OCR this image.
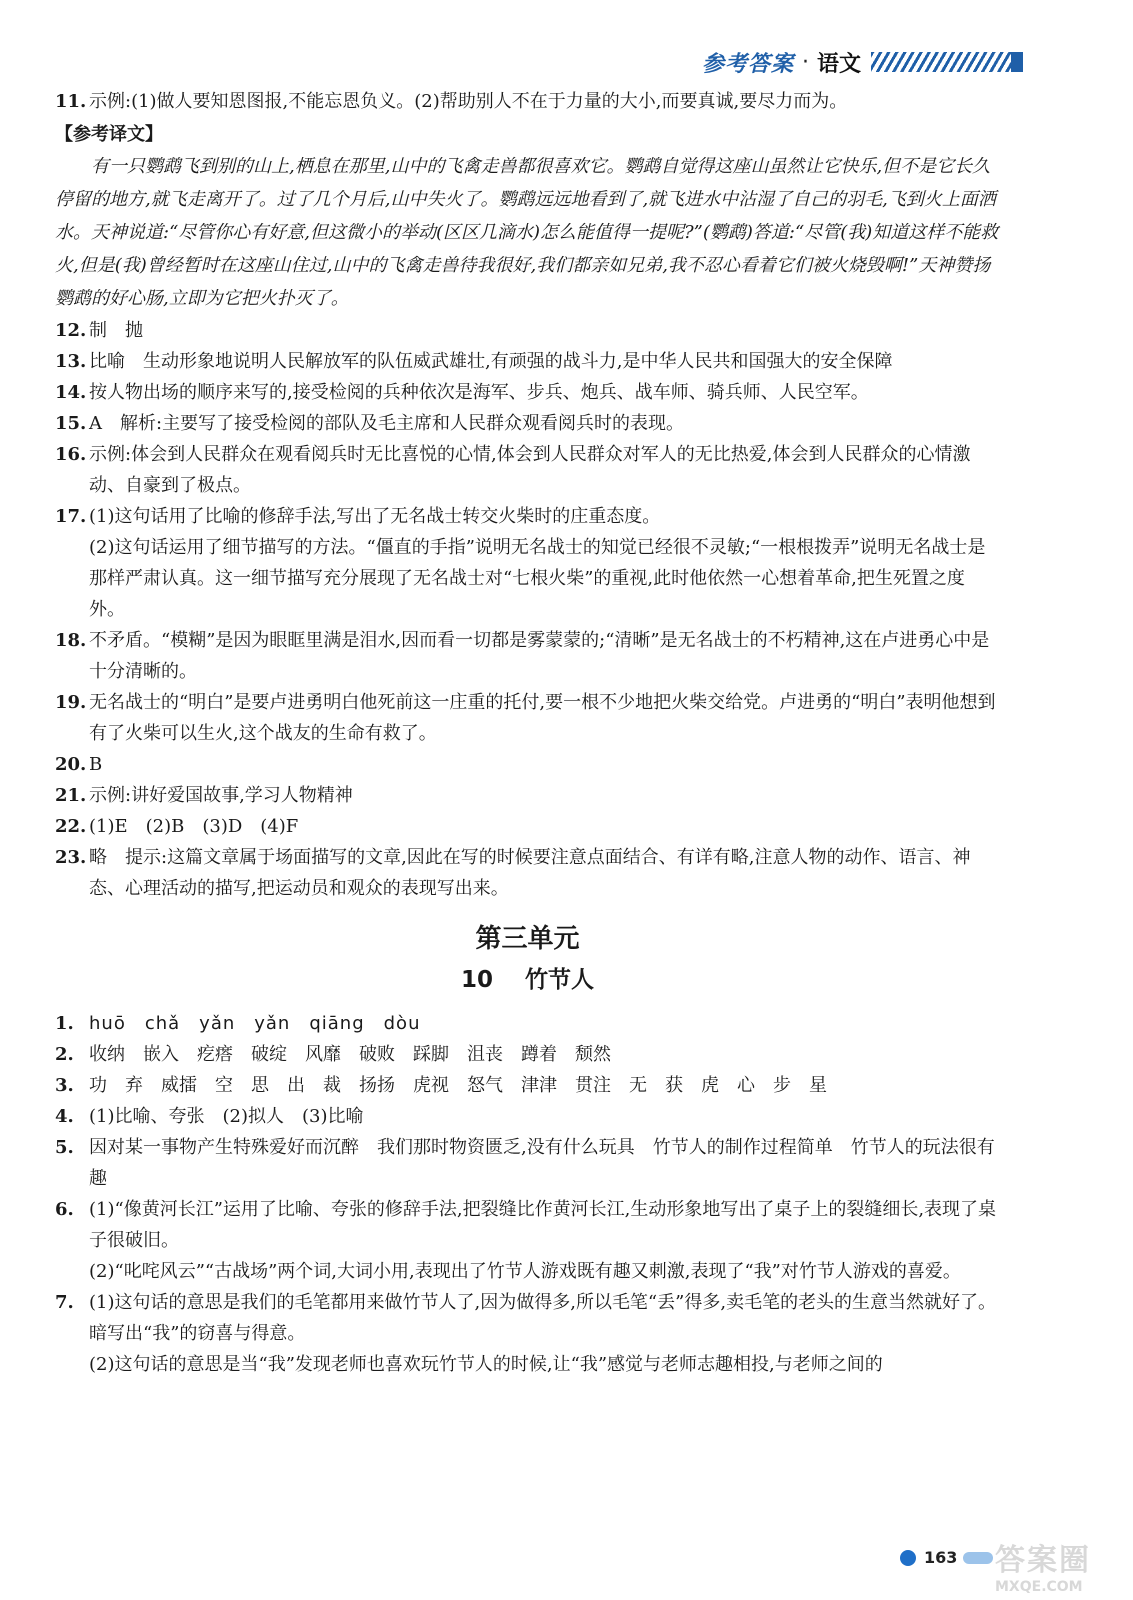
参考答案 · 语文
11. 示例:(1)做人要知恩图报,不能忘恩负义。(2)帮助别人不在于力量的大小,而要真诚,要尽力而为。
【参考译文】
有一只鹦鹉飞到别的山上,栖息在那里,山中的飞禽走兽都很喜欢它。鹦鹉自觉得这座山虽然让它快乐,但不是它长久停留的地方,就飞走离开了。过了几个月后,山中失火了。鹦鹉远远地看到了,就飞进水中沾湿了自己的羽毛,飞到火上面洒水。天神说道:“尽管你心有好意,但这微小的举动(区区几滴水)怎么能值得一提呢?”(鹦鹉)答道:“尽管(我)知道这样不能救火,但是(我)曾经暂时在这座山住过,山中的飞禽走兽待我很好,我们都亲如兄弟,我不忍心看着它们被火烧毁啊!”天神赞扬鹦鹉的好心肠,立即为它把火扑灭了。
12. 制　抛
13. 比喻　生动形象地说明人民解放军的队伍威武雄壮,有顽强的战斗力,是中华人民共和国强大的安全保障
14. 按人物出场的顺序来写的,接受检阅的兵种依次是海军、步兵、炮兵、战车师、骑兵师、人民空军。
15. A　解析:主要写了接受检阅的部队及毛主席和人民群众观看阅兵时的表现。
16. 示例:体会到人民群众在观看阅兵时无比喜悦的心情,体会到人民群众对军人的无比热爱,体会到人民群众的心情激动、自豪到了极点。
17. (1)这句话用了比喻的修辞手法,写出了无名战士转交火柴时的庄重态度。
(2)这句话运用了细节描写的方法。“僵直的手指”说明无名战士的知觉已经很不灵敏;“一根根拨弄”说明无名战士是那样严肃认真。这一细节描写充分展现了无名战士对“七根火柴”的重视,此时他依然一心想着革命,把生死置之度外。
18. 不矛盾。“模糊”是因为眼眶里满是泪水,因而看一切都是雾蒙蒙的;“清晰”是无名战士的不朽精神,这在卢进勇心中是十分清晰的。
19. 无名战士的“明白”是要卢进勇明白他死前这一庄重的托付,要一根不少地把火柴交给党。卢进勇的“明白”表明他想到有了火柴可以生火,这个战友的生命有救了。
20. B
21. 示例:讲好爱国故事,学习人物精神
22. (1)E　(2)B　(3)D　(4)F
23. 略　提示:这篇文章属于场面描写的文章,因此在写的时候要注意点面结合、有详有略,注意人物的动作、语言、神态、心理活动的描写,把运动员和观众的表现写出来。
第三单元
10 竹节人
1. huō　chǎ　yǎn　yǎn　qiāng　dòu
2. 收纳　嵌入　疙瘩　破绽　风靡　破败　踩脚　沮丧　蹲着　颓然
3. 功　弃　威擂　空　思　出　裁　扬扬　虎视　怒气　津津　贯注　无　获　虎　心　步　星
4. (1)比喻、夸张　(2)拟人　(3)比喻
5. 因对某一事物产生特殊爱好而沉醉　我们那时物资匮乏,没有什么玩具　竹节人的制作过程简单　竹节人的玩法很有趣
6. (1)“像黄河长江”运用了比喻、夸张的修辞手法,把裂缝比作黄河长江,生动形象地写出了桌子上的裂缝细长,表现了桌子很破旧。
(2)“叱咤风云”“古战场”两个词,大词小用,表现出了竹节人游戏既有趣又刺激,表现了“我”对竹节人游戏的喜爱。
7. (1)这句话的意思是我们的毛笔都用来做竹节人了,因为做得多,所以毛笔“丢”得多,卖毛笔的老头的生意当然就好了。暗写出“我”的窃喜与得意。
(2)这句话的意思是当“我”发现老师也喜欢玩竹节人的时候,让“我”感觉与老师志趣相投,与老师之间的
163 答案圈
MXQE.COM
